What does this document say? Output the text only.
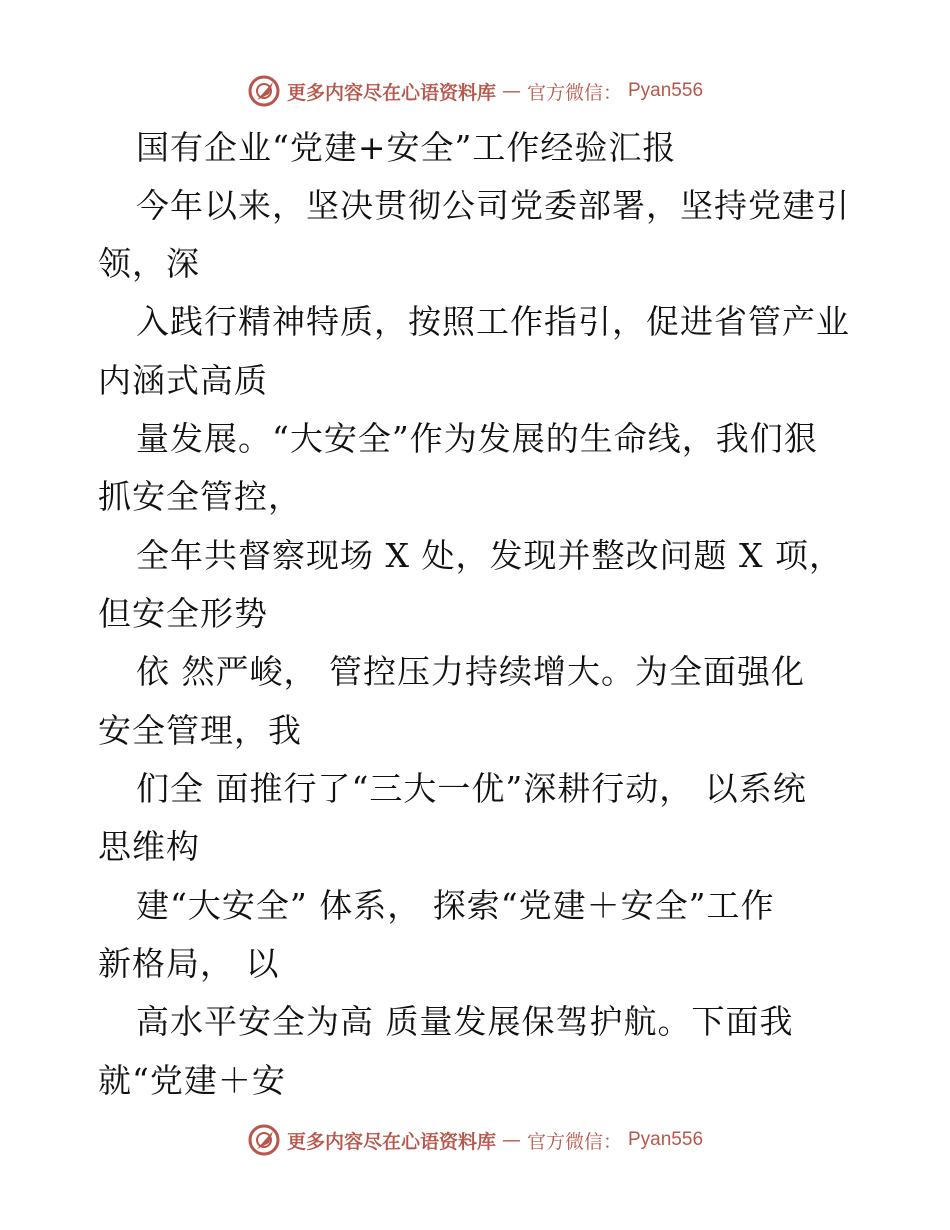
更多内容尽在心语资料库 — 官方微信： Pyan556
国有企业“党建+安全”工作经验汇报
今年以来，坚决贯彻公司党委部署，坚持党建引
领，深
入践行精神特质，按照工作指引，促进省管产业
内涵式高质
量发展。“大安全”作为发展的生命线，我们狠
抓安全管控，
全年共督察现场 X 处，发现并整改问题 X 项，
但安全形势
依 然严峻， 管控压力持续增大。为全面强化
安全管理，我
们全 面推行了“三大一优”深耕行动， 以系统
思维构
建“大安全” 体系， 探索“党建＋安全”工作
新格局， 以
高水平安全为高 质量发展保驾护航。下面我
就“党建＋安
更多内容尽在心语资料库 — 官方微信： Pyan556
